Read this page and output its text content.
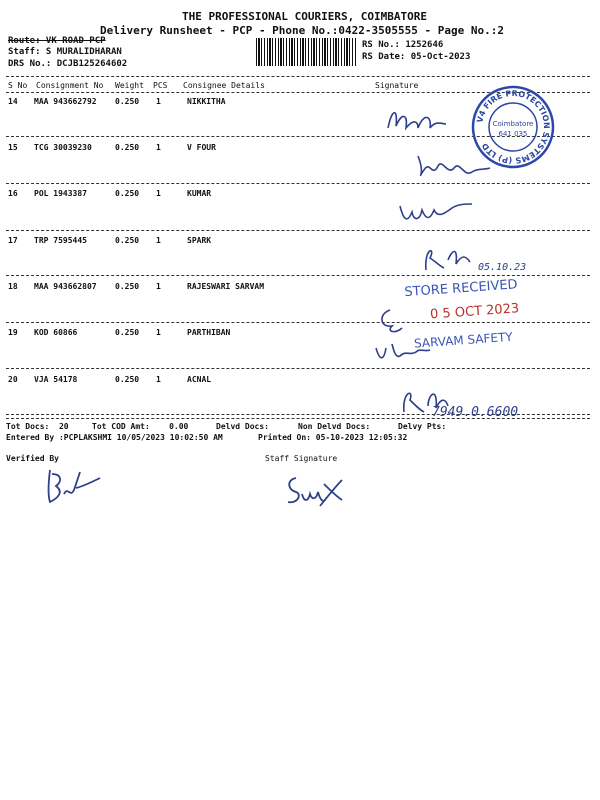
THE PROFESSIONAL COURIERS, COIMBATORE
Delivery Runsheet - PCP - Phone No.:0422-3505555 - Page No.:2
Route: VK ROAD PCP
Staff: S MURALIDHARAN
DRS No.: DCJB125264602
RS No.: 1252646
RS Date: 05-Oct-2023
S No Consignment No Weight PCS Consignee Details	Signature
14 MAA 943662792 0.250 1	NIKKITHA
15 TCG 30039230	0.250 1	V FOUR
16 POL 1943387	0.250 1	KUMAR
17 TRP 7595445	0.250 1	SPARK
18 MAA 943662807 0.250 1	RAJESWARI SARVAM
19 KOD 60866	0.250 1	PARTHIBAN
20 VJA 54178	0.250 1	ACNAL
Tot Docs:  20	Tot COD Amt:    0.00	Delvd Docs:	Non Delvd Docs:	Delvy Pts:
Entered By :PCPLAKSHMI 10/05/2023 10:02:50 AM	Printed On: 05-10-2023 12:05:32
Verified By	Staff Signature
V4 FIRE PROTECTION SYSTEMS (P) LTD
Coimbatore
641 035
STORE RECEIVED
0 5 OCT 2023
SARVAM SAFETY
05.10.23
7949.0.6600
